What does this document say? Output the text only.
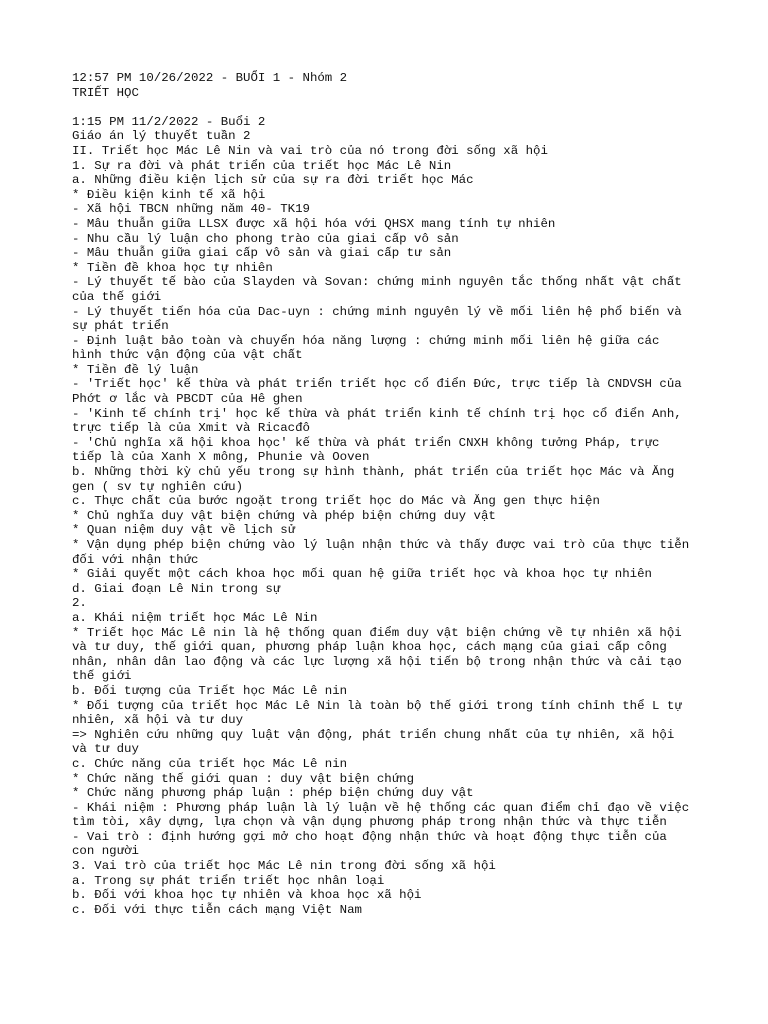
12:57 PM 10/26/2022 - BUỔI 1 - Nhóm 2
TRIẾT HỌC
1:15 PM 11/2/2022 - Buổi 2
Giáo án lý thuyết tuần 2
II. Triết học Mác Lê Nin và vai trò của nó trong đời sống xã hội
1. Sự ra đời và phát triển của triết học Mác Lê Nin
a. Những điều kiện lịch sử của sự ra đời triết học Mác
* Điều kiện kinh tế xã hội
- Xã hội TBCN những năm 40- TK19
- Mâu thuẫn giữa LLSX được xã hội hóa với QHSX mang tính tự nhiên
- Nhu cầu lý luận cho phong trào của giai cấp vô sản
- Mâu thuẫn giữa giai cấp vô sản và giai cấp tư sản
* Tiền đề khoa học tự nhiên
- Lý thuyết tế bào của Slayden và Sovan: chứng minh nguyên tắc thống nhất vật chất
của thế giới
- Lý thuyết tiến hóa của Dac-uyn : chứng minh nguyên lý về mối liên hệ phổ biến và
sự phát triển
- Định luật bảo toàn và chuyển hóa năng lượng : chứng minh mối liên hệ giữa các
hình thức vận động của vật chất
* Tiền đề lý luận
- 'Triết học' kế thừa và phát triển triết học cổ điển Đức, trực tiếp là CNDVSH của
Phớt ơ lắc và PBCDT của Hê ghen
- 'Kinh tế chính trị' học kế thừa và phát triển kinh tế chính trị học cổ điển Anh,
trực tiếp là của Xmit và Ricacđô
- 'Chủ nghĩa xã hội khoa học' kế thừa và phát triển CNXH không tưởng Pháp, trực
tiếp là của Xanh X mông, Phunie và Ooven
b. Những thời kỳ chủ yếu trong sự hình thành, phát triển của triết học Mác và Ăng
gen ( sv tự nghiên cứu)
c. Thực chất của bước ngoặt trong triết học do Mác và Ăng gen thực hiện
* Chủ nghĩa duy vật biện chứng và phép biện chứng duy vật
* Quan niệm duy vật về lịch sử
* Vận dụng phép biện chứng vào lý luận nhận thức và thấy được vai trò của thực tiễn
đối với nhận thức
* Giải quyết một cách khoa học mối quan hệ giữa triết học và khoa học tự nhiên
d. Giai đoạn Lê Nin trong sự
2.
a. Khái niệm triết học Mác Lê Nin
* Triết học Mác Lê nin là hệ thống quan điểm duy vật biện chứng về tự nhiên xã hội
và tư duy, thế giới quan, phương pháp luận khoa học, cách mạng của giai cấp công
nhân, nhân dân lao động và các lực lượng xã hội tiến bộ trong nhận thức và cải tạo
thế giới
b. Đối tượng của Triết học Mác Lê nin
* Đối tượng của triết học Mác Lê Nin là toàn bộ thế giới trong tính chỉnh thể L tự
nhiên, xã hội và tư duy
=> Nghiên cứu những quy luật vận động, phát triển chung nhất của tự nhiên, xã hội
và tư duy
c. Chức năng của triết học Mác Lê nin
* Chức năng thế giới quan : duy vật biện chứng
* Chức năng phương pháp luận : phép biện chứng duy vật
- Khái niệm : Phương pháp luận là lý luận về hệ thống các quan điểm chỉ đạo về việc
tìm tòi, xây dựng, lựa chọn và vận dụng phương pháp trong nhận thức và thực tiễn
- Vai trò : định hướng gợi mở cho hoạt động nhận thức và hoạt động thực tiễn của
con người
3. Vai trò của triết học Mác Lê nin trong đời sống xã hội
a. Trong sự phát triển triết học nhân loại
b. Đối với khoa học tự nhiên và khoa học xã hội
c. Đối với thực tiễn cách mạng Việt Nam
